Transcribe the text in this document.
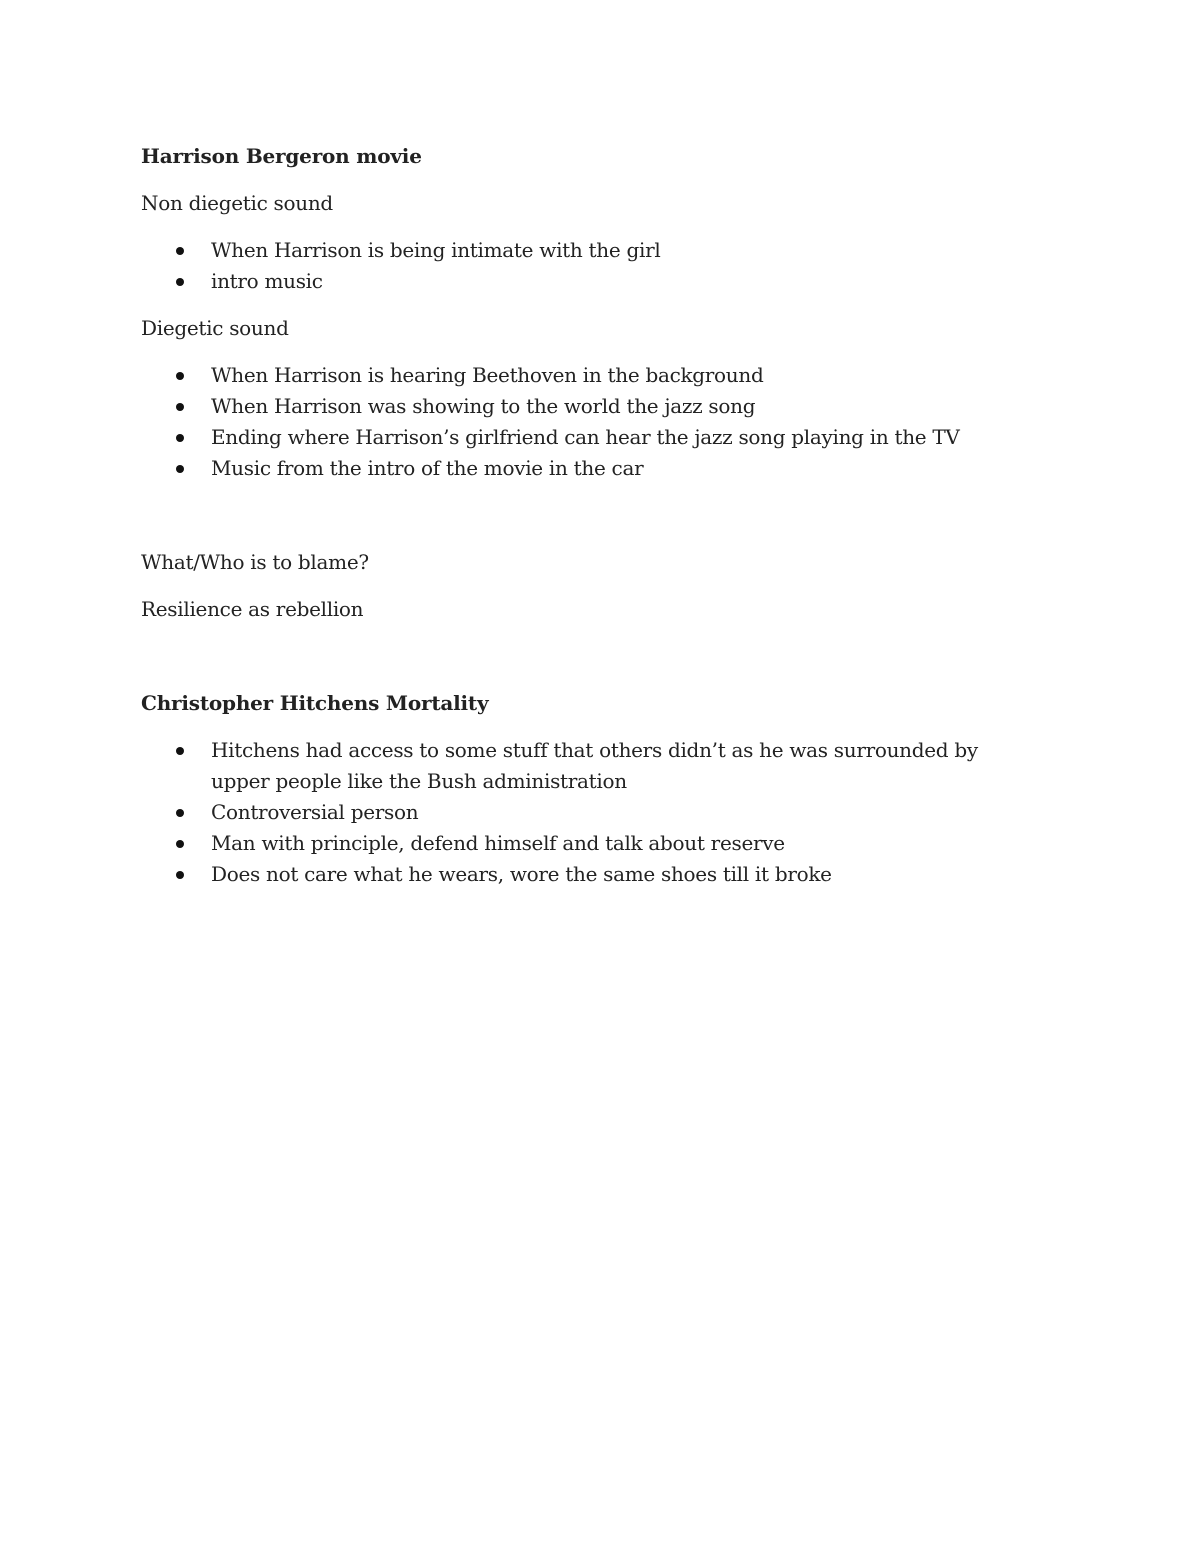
Harrison Bergeron movie
Non diegetic sound
When Harrison is being intimate with the girl
intro music
Diegetic sound
When Harrison is hearing Beethoven in the background
When Harrison was showing to the world the jazz song
Ending where Harrison’s girlfriend can hear the jazz song playing in the TV
Music from the intro of the movie in the car
What/Who is to blame?
Resilience as rebellion
Christopher Hitchens Mortality
Hitchens had access to some stuff that others didn’t as he was surrounded by upper people like the Bush administration
Controversial person
Man with principle, defend himself and talk about reserve
Does not care what he wears, wore the same shoes till it broke
